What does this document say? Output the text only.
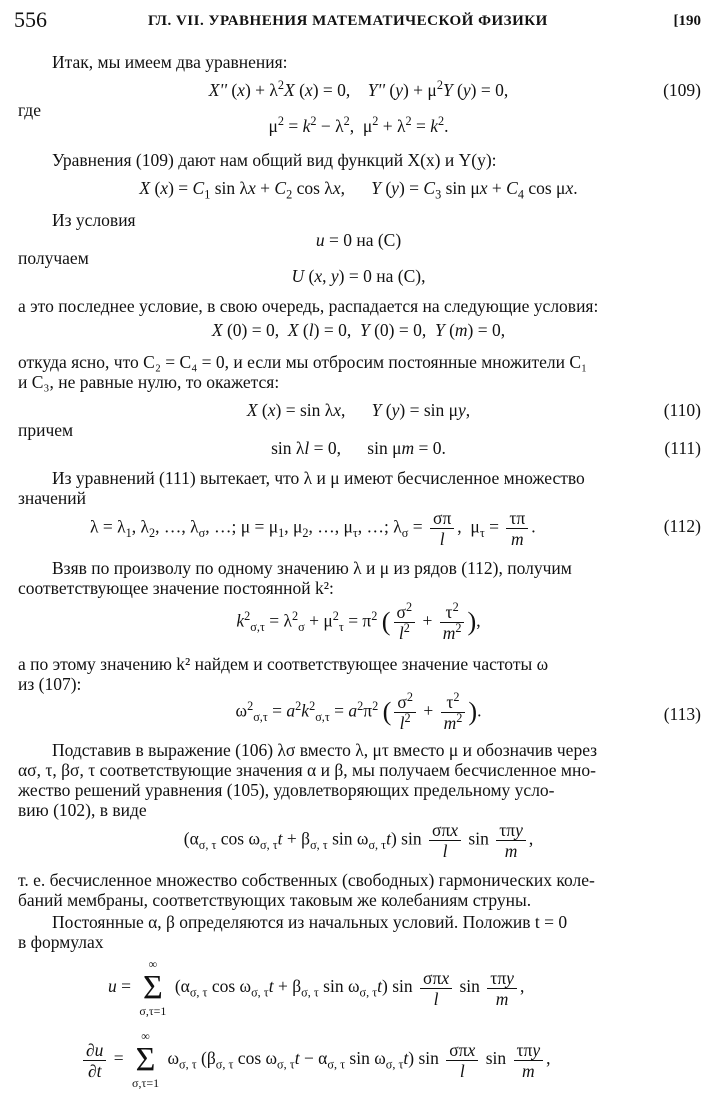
556	ГЛ. VII. УРАВНЕНИЯ МАТЕМАТИЧЕСКОЙ ФИЗИКИ	[190
Итак, мы имеем два уравнения:
X'' $(x) + \lambda^2X$ (x) = 0,    Y'' $(y) + \mu^2Y$ (y) = 0,	(109)
где
$\mu^2 = k^2 - \lambda^2$,  $\mu^2 + \lambda^2 = k^2$.
Уравнения (109) дают нам общий вид функций X(x) и Y(y):
X $(x) = C_1$ $\sin \lambda x + C_2$ cos λx,      Y $(y) = C_3$ $\sin \mu x + C_4$ cos μx.
Из условия
u = 0 на (C)
получаем
U (x, y) = 0 на (C),
а это последнее условие, в свою очередь, распадается на следующие условия:
X (0) = 0,  X (l) = 0,  Y (0) = 0,  Y (m) = 0,
откуда ясно, что C₂ = C₄ = 0, и если мы отбросим постоянные множители C₁
и C₃, не равные нулю, то окажется:
X (x) = sin λx,      Y (y) = sin μy,	(110)
причем
sin λl = 0,      sin μm = 0.	(111)
Из уравнений (111) вытекает, что λ и μ имеют бесчисленное множество
значений
$\lambda = \lambda_1$, $\lambda_2$, …, $\lambda_\sigma$, …; $\mu = \mu_1$, $\mu_2$, …, $\mu_\tau$, …; $\lambda_\sigma = \frac{\sigma\pi}{l}$ ,  $\mu_\tau = \frac{\tau\pi}{m}$ .	(112)
Взяв по произволу по одному значению λ и μ из рядов (112), получим
соответствующее значение постоянной k²:
$k^2_{\sigma,\tau} = \lambda^2_\sigma + \mu^2_\tau = \pi^2$ ( $\frac{\sigma^2}{l^2} + \frac{\tau^2}{m^2}$ ),
а по этому значению k² найдем и соответствующее значение частоты ω
из (107):
$\omega^2_{\sigma,\tau} = a^2k^2_{\sigma,\tau} = a^2\pi^2$ ( $\frac{\sigma^2}{l^2} + \frac{\tau^2}{m^2}$ ).	(113)
Подставив в выражение (106) λσ вместо λ, μτ вместо μ и обозначив через
ασ, τ, βσ, τ соответствующие значения α и β, мы получаем бесчисленное мно-
жество решений уравнения (105), удовлетворяющих предельному усло-
вию (102), в виде
($\alpha_{\sigma, \tau}$ $\cos \omega_{\sigma, \tau}t + \beta_{\sigma, \tau}$ $\sin \omega_{\sigma, \tau}t$) $\sin \frac{\text{σπx}}{l}$ $\sin \frac{\text{τπy}}{m}$ ,
т. е. бесчисленное множество собственных (свободных) гармонических коле-
баний мембраны, соответствующих таковым же колебаниям струны.
Постоянные α, β определяются из начальных условий. Положив t = 0
в формулах
u =
∞
Σ
σ,τ=1
($\alpha_{\sigma, \tau}$ $\cos \omega_{\sigma, \tau}t + \beta_{\sigma, \tau}$ $\sin \omega_{\sigma, \tau}t$) $\sin \frac{\text{σπx}}{l}$ $\sin \frac{\text{τπy}}{m}$ ,
$\frac{\partial u}{\partial t}$ =
∞
Σ
σ,τ=1
$\omega_{\sigma, \tau}$ ($\beta_{\sigma, \tau}$ $\cos \omega_{\sigma, \tau}t - \alpha_{\sigma, \tau}$ $\sin \omega_{\sigma, \tau}t$) $\sin \frac{\text{σπx}}{l}$ $\sin \frac{\text{τπy}}{m}$ ,
